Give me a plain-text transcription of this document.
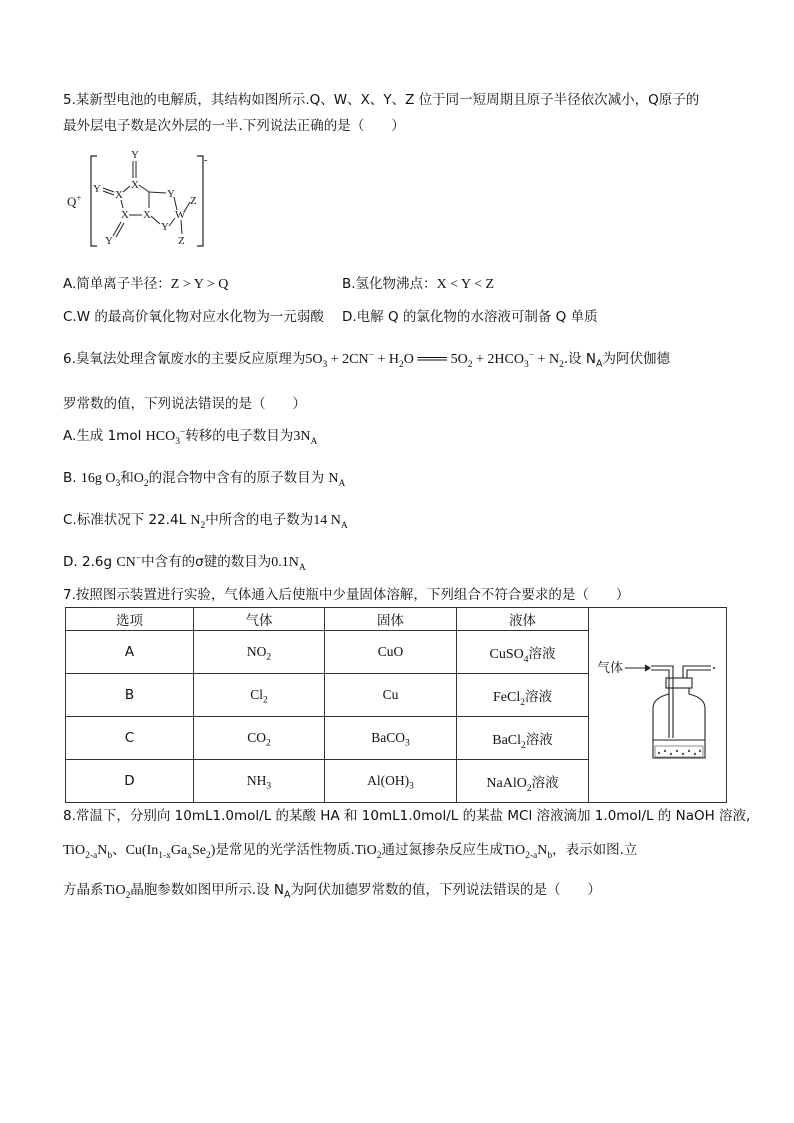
5.某新型电池的电解质，其结构如图所示.Q、W、X、Y、Z 位于同一短周期且原子半径依次减小，Q原子的
最外层电子数是次外层的一半.下列说法正确的是（　　）
Q+
-
Y
X
Y X	Y
X X
Y
W
Z
Y	Z
A.简单离子半径：Z > Y > Q	B.氢化物沸点：X < Y < Z
C.W 的最高价氧化物对应水化物为一元弱酸 D.电解 Q 的氯化物的水溶液可制备 Q 单质
6.臭氧法处理含氰废水的主要反应原理为$5O_3 + 2CN^- + H_2O$ ═══ $5O_2 + 2HCO_3^- + N_2$.设 $N_A$为阿伏伽德
罗常数的值，下列说法错误的是（　　）
A.生成 1mol $HCO_3^-$转移的电子数目为$3N_A$
B. 16g $O_3$和$O_2$的混合物中含有的原子数目为 $N_A$
C.标准状况下 22.4L $N_2$中所含的电子数为14 $N_A$
D. 2.6g CN−中含有的σ键的数目为$0.1N_A$
7.按照图示装置进行实验，气体通入后使瓶中少量固体溶解，下列组合不符合要求的是（　　）
选项	气体	固体	液体	气体

A	$NO_2$	CuO	CuSO$_4$溶液	
B	$Cl_2$	Cu	FeCl$_2$溶液	
C	$CO_2$	BaCO$_3$	BaCl$_2$溶液	
D	$NH_3$	$Al(OH)_3$	NaAlO$_2$溶液	
8.常温下，分别向 10mL1.0mol/L 的某酸 HA 和 10mL1.0mol/L 的某盐 MCl 溶液滴加 1.0mol/L 的 NaOH 溶液,
$TiO_{2-a}N_b$、$Cu(In_{1-x}Ga_xSe_2)$是常见的光学活性物质.TiO$_2$通过氮掺杂反应生成$TiO_{2-a}N_b$，表示如图.立
方晶系TiO$_2$晶胞参数如图甲所示.设 $N_A$为阿伏加德罗常数的值，下列说法错误的是（　　）
